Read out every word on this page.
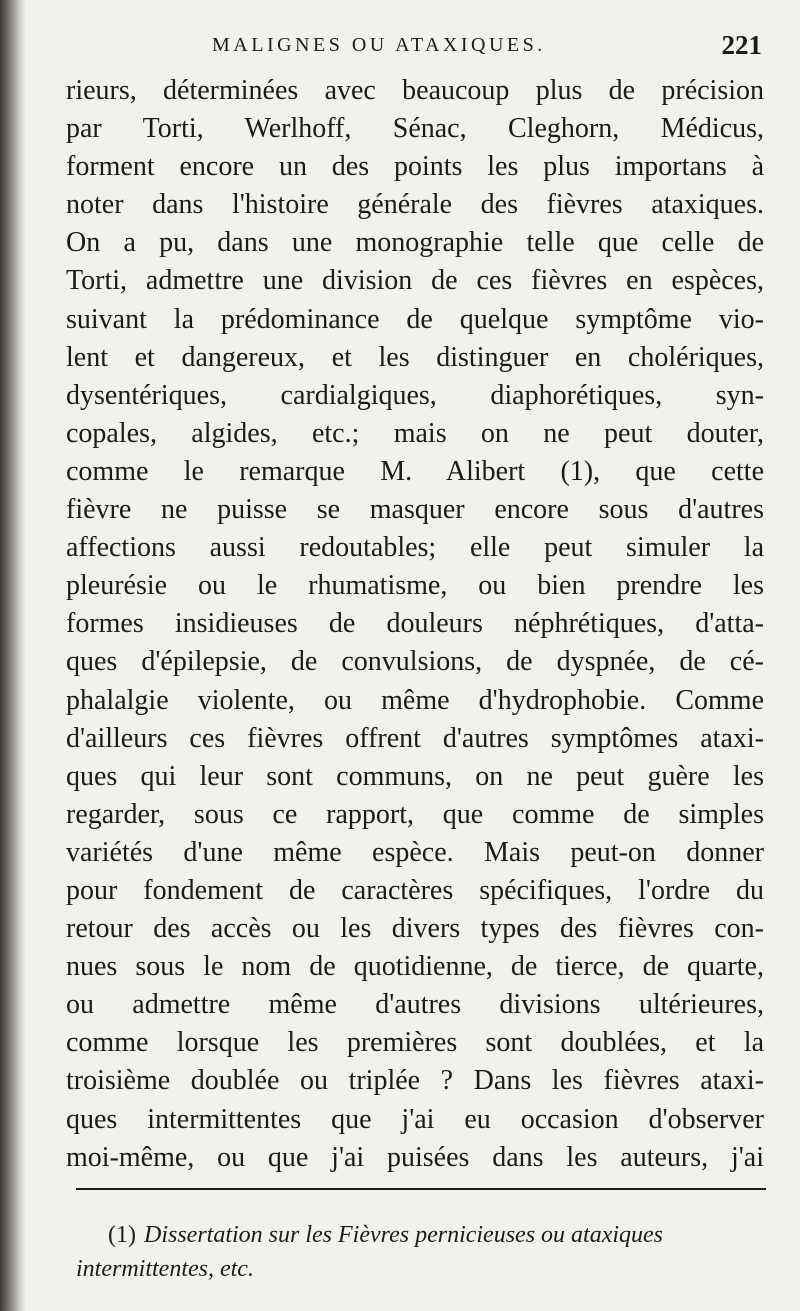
MALIGNES OU ATAXIQUES.	221
rieurs, déterminées avec beaucoup plus de précision
par Torti, Werlhoff, Sénac, Cleghorn, Médicus,
forment encore un des points les plus importans à
noter dans l'histoire générale des fièvres ataxiques.
On a pu, dans une monographie telle que celle de
Torti, admettre une division de ces fièvres en espèces,
suivant la prédominance de quelque symptôme vio-
lent et dangereux, et les distinguer en cholériques,
dysentériques, cardialgiques, diaphorétiques, syn-
copales, algides, etc.; mais on ne peut douter,
comme le remarque M. Alibert (1), que cette
fièvre ne puisse se masquer encore sous d'autres
affections aussi redoutables; elle peut simuler la
pleurésie ou le rhumatisme, ou bien prendre les
formes insidieuses de douleurs néphrétiques, d'atta-
ques d'épilepsie, de convulsions, de dyspnée, de cé-
phalalgie violente, ou même d'hydrophobie. Comme
d'ailleurs ces fièvres offrent d'autres symptômes ataxi-
ques qui leur sont communs, on ne peut guère les
regarder, sous ce rapport, que comme de simples
variétés d'une même espèce. Mais peut-on donner
pour fondement de caractères spécifiques, l'ordre du
retour des accès ou les divers types des fièvres con-
nues sous le nom de quotidienne, de tierce, de quarte,
ou admettre même d'autres divisions ultérieures,
comme lorsque les premières sont doublées, et la
troisième doublée ou triplée ? Dans les fièvres ataxi-
ques intermittentes que j'ai eu occasion d'observer
moi-même, ou que j'ai puisées dans les auteurs, j'ai
(1) Dissertation sur les Fièvres pernicieuses ou ataxiques
intermittentes, etc.
